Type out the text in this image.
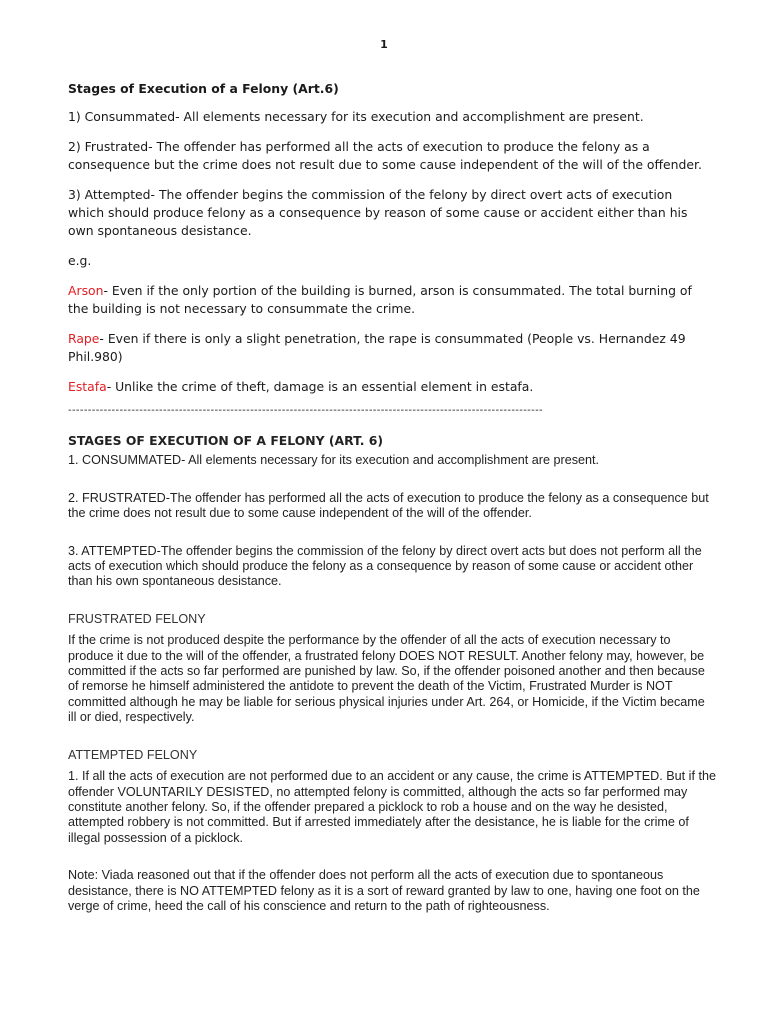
1

Stages of Execution of a Felony (Art.6)

1) Consummated- All elements necessary for its execution and accomplishment are present.

2) Frustrated- The offender has performed all the acts of execution to produce the felony as a consequence but the crime does not result due to some cause independent of the will of the offender.

3) Attempted- The offender begins the commission of the felony by direct overt acts of execution which should produce felony as a consequence by reason of some cause or accident either than his own spontaneous desistance.

e.g.

Arson- Even if the only portion of the building is burned, arson is consummated. The total burning of the building is not necessary to consummate the crime.

Rape- Even if there is only a slight penetration, the rape is consummated (People vs. Hernandez 49 Phil.980)

Estafa- Unlike the crime of theft, damage is an essential element in estafa.

------------------------------------------------------------------------------------------------------------------------

STAGES OF EXECUTION OF A FELONY (ART. 6)

1. CONSUMMATED- All elements necessary for its execution and accomplishment are present.

2. FRUSTRATED-The offender has performed all the acts of execution to produce the felony as a consequence but the crime does not result due to some cause independent of the will of the offender.

3. ATTEMPTED-The offender begins the commission of the felony by direct overt acts but does not perform all the acts of execution which should produce the felony as a consequence by reason of some cause or accident other than his own spontaneous desistance.

FRUSTRATED FELONY

If the crime is not produced despite the performance by the offender of all the acts of execution necessary to produce it due to the will of the offender, a frustrated felony DOES NOT RESULT. Another felony may, however, be committed if the acts so far performed are punished by law. So, if the offender poisoned another and then because of remorse he himself administered the antidote to prevent the death of the Victim, Frustrated Murder is NOT committed although he may be liable for serious physical injuries under Art. 264, or Homicide, if the Victim became ill or died, respectively.

ATTEMPTED FELONY

1. If all the acts of execution are not performed due to an accident or any cause, the crime is ATTEMPTED. But if the offender VOLUNTARILY DESISTED, no attempted felony is committed, although the acts so far performed may constitute another felony. So, if the offender prepared a picklock to rob a house and on the way he desisted, attempted robbery is not committed. But if arrested immediately after the desistance, he is liable for the crime of illegal possession of a picklock.

Note: Viada reasoned out that if the offender does not perform all the acts of execution due to spontaneous desistance, there is NO ATTEMPTED felony as it is a sort of reward granted by law to one, having one foot on the verge of crime, heed the call of his conscience and return to the path of righteousness.
